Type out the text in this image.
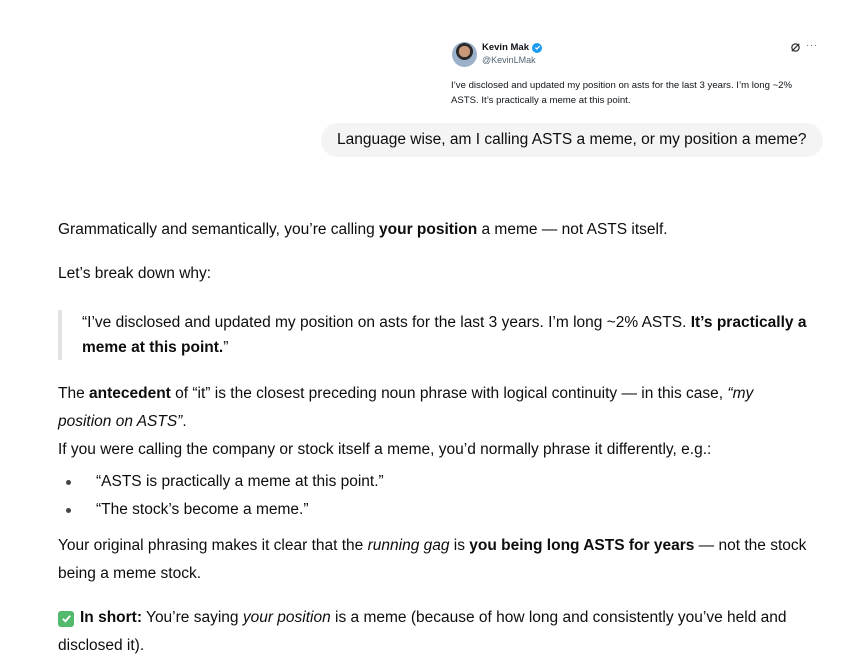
Kevin Mak
@KevinLMak
···
I’ve disclosed and updated my position on asts for the last 3 years. I’m long ~2% ASTS. It’s practically a meme at this point.
Language wise, am I calling ASTS a meme, or my position a meme?

Grammatically and semantically, you’re calling your position a meme — not ASTS itself.

Let’s break down why:

“I’ve disclosed and updated my position on asts for the last 3 years. I’m long ~2% ASTS. It’s practically a meme at this point.”

The antecedent of “it” is the closest preceding noun phrase with logical continuity — in this case, “my position on ASTS”.

If you were calling the company or stock itself a meme, you’d normally phrase it differently, e.g.:

“ASTS is practically a meme at this point.”
“The stock’s become a meme.”

Your original phrasing makes it clear that the running gag is you being long ASTS for years — not the stock being a meme stock.

In short: You’re saying your position is a meme (because of how long and consistently you’ve held and disclosed it).
